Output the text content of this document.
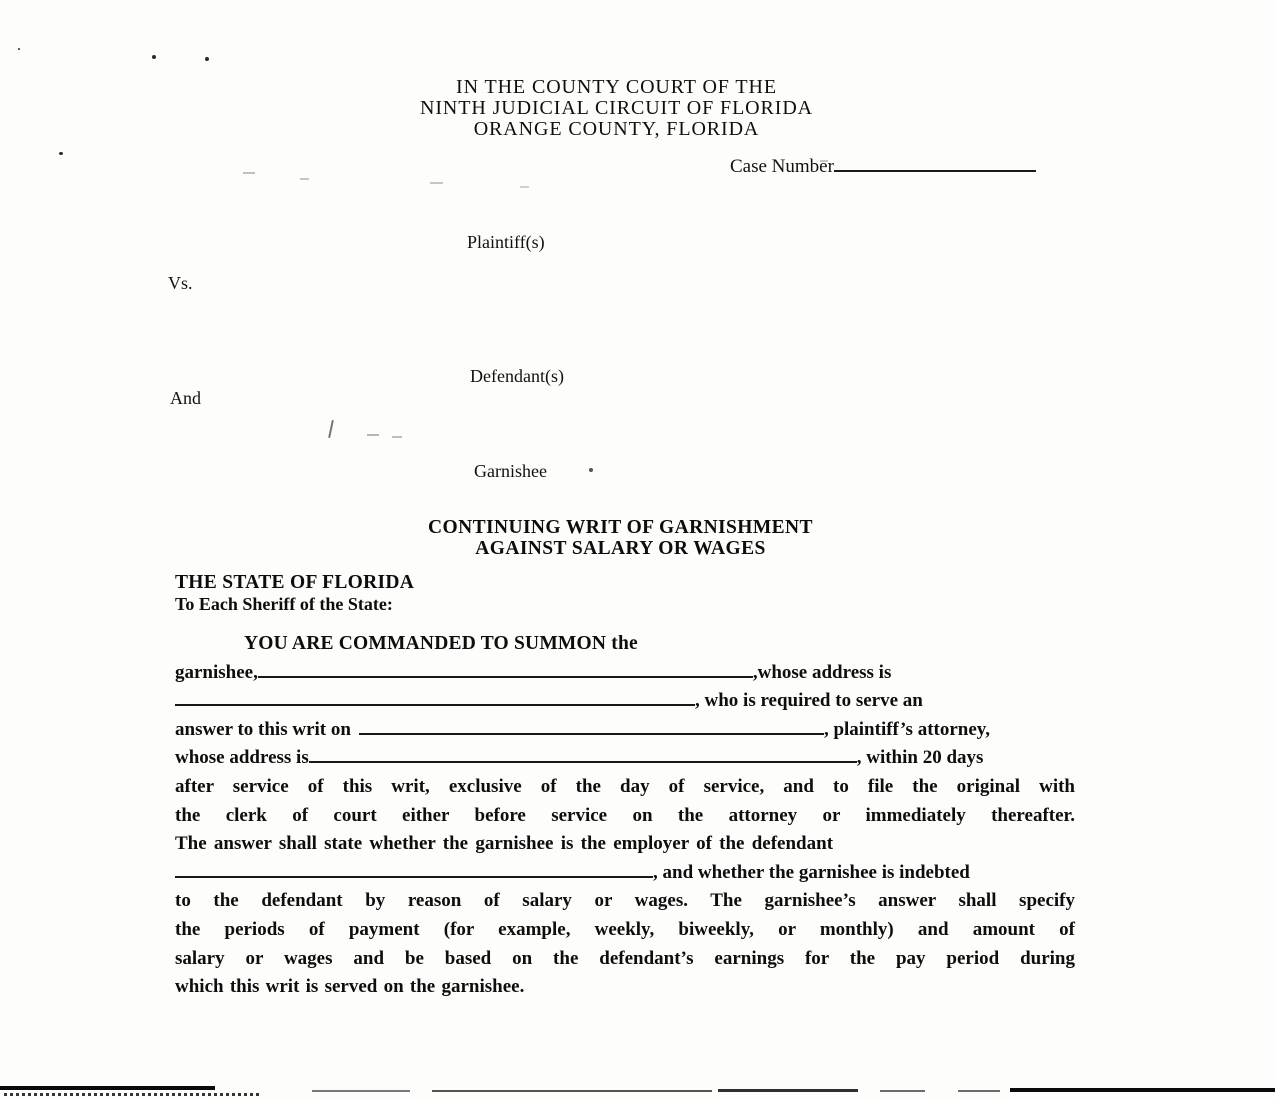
IN THE COUNTY COURT OF THE
NINTH JUDICIAL CIRCUIT OF FLORIDA
ORANGE COUNTY, FLORIDA
Case Number
Plaintiff(s)
Vs.
Defendant(s)
And
Garnishee
CONTINUING WRIT OF GARNISHMENT
AGAINST SALARY OR WAGES
THE STATE OF FLORIDA
To Each Sheriff of the State:
YOU ARE COMMANDED TO SUMMON the
garnishee,	,whose address is
, who is required to serve an
answer to this writ on	, plaintiff’s attorney,
whose address is	, within 20 days
after service of this writ, exclusive of the day of service, and to file the original with
the clerk of court either before service on the attorney or immediately thereafter.
The answer shall state whether the garnishee is the employer of the defendant
, and whether the garnishee is indebted
to the defendant by reason of salary or wages. The garnishee’s answer shall specify
the periods of payment (for example, weekly, biweekly, or monthly) and amount of
salary or wages and be based on the defendant’s earnings for the pay period during
which this writ is served on the garnishee.
